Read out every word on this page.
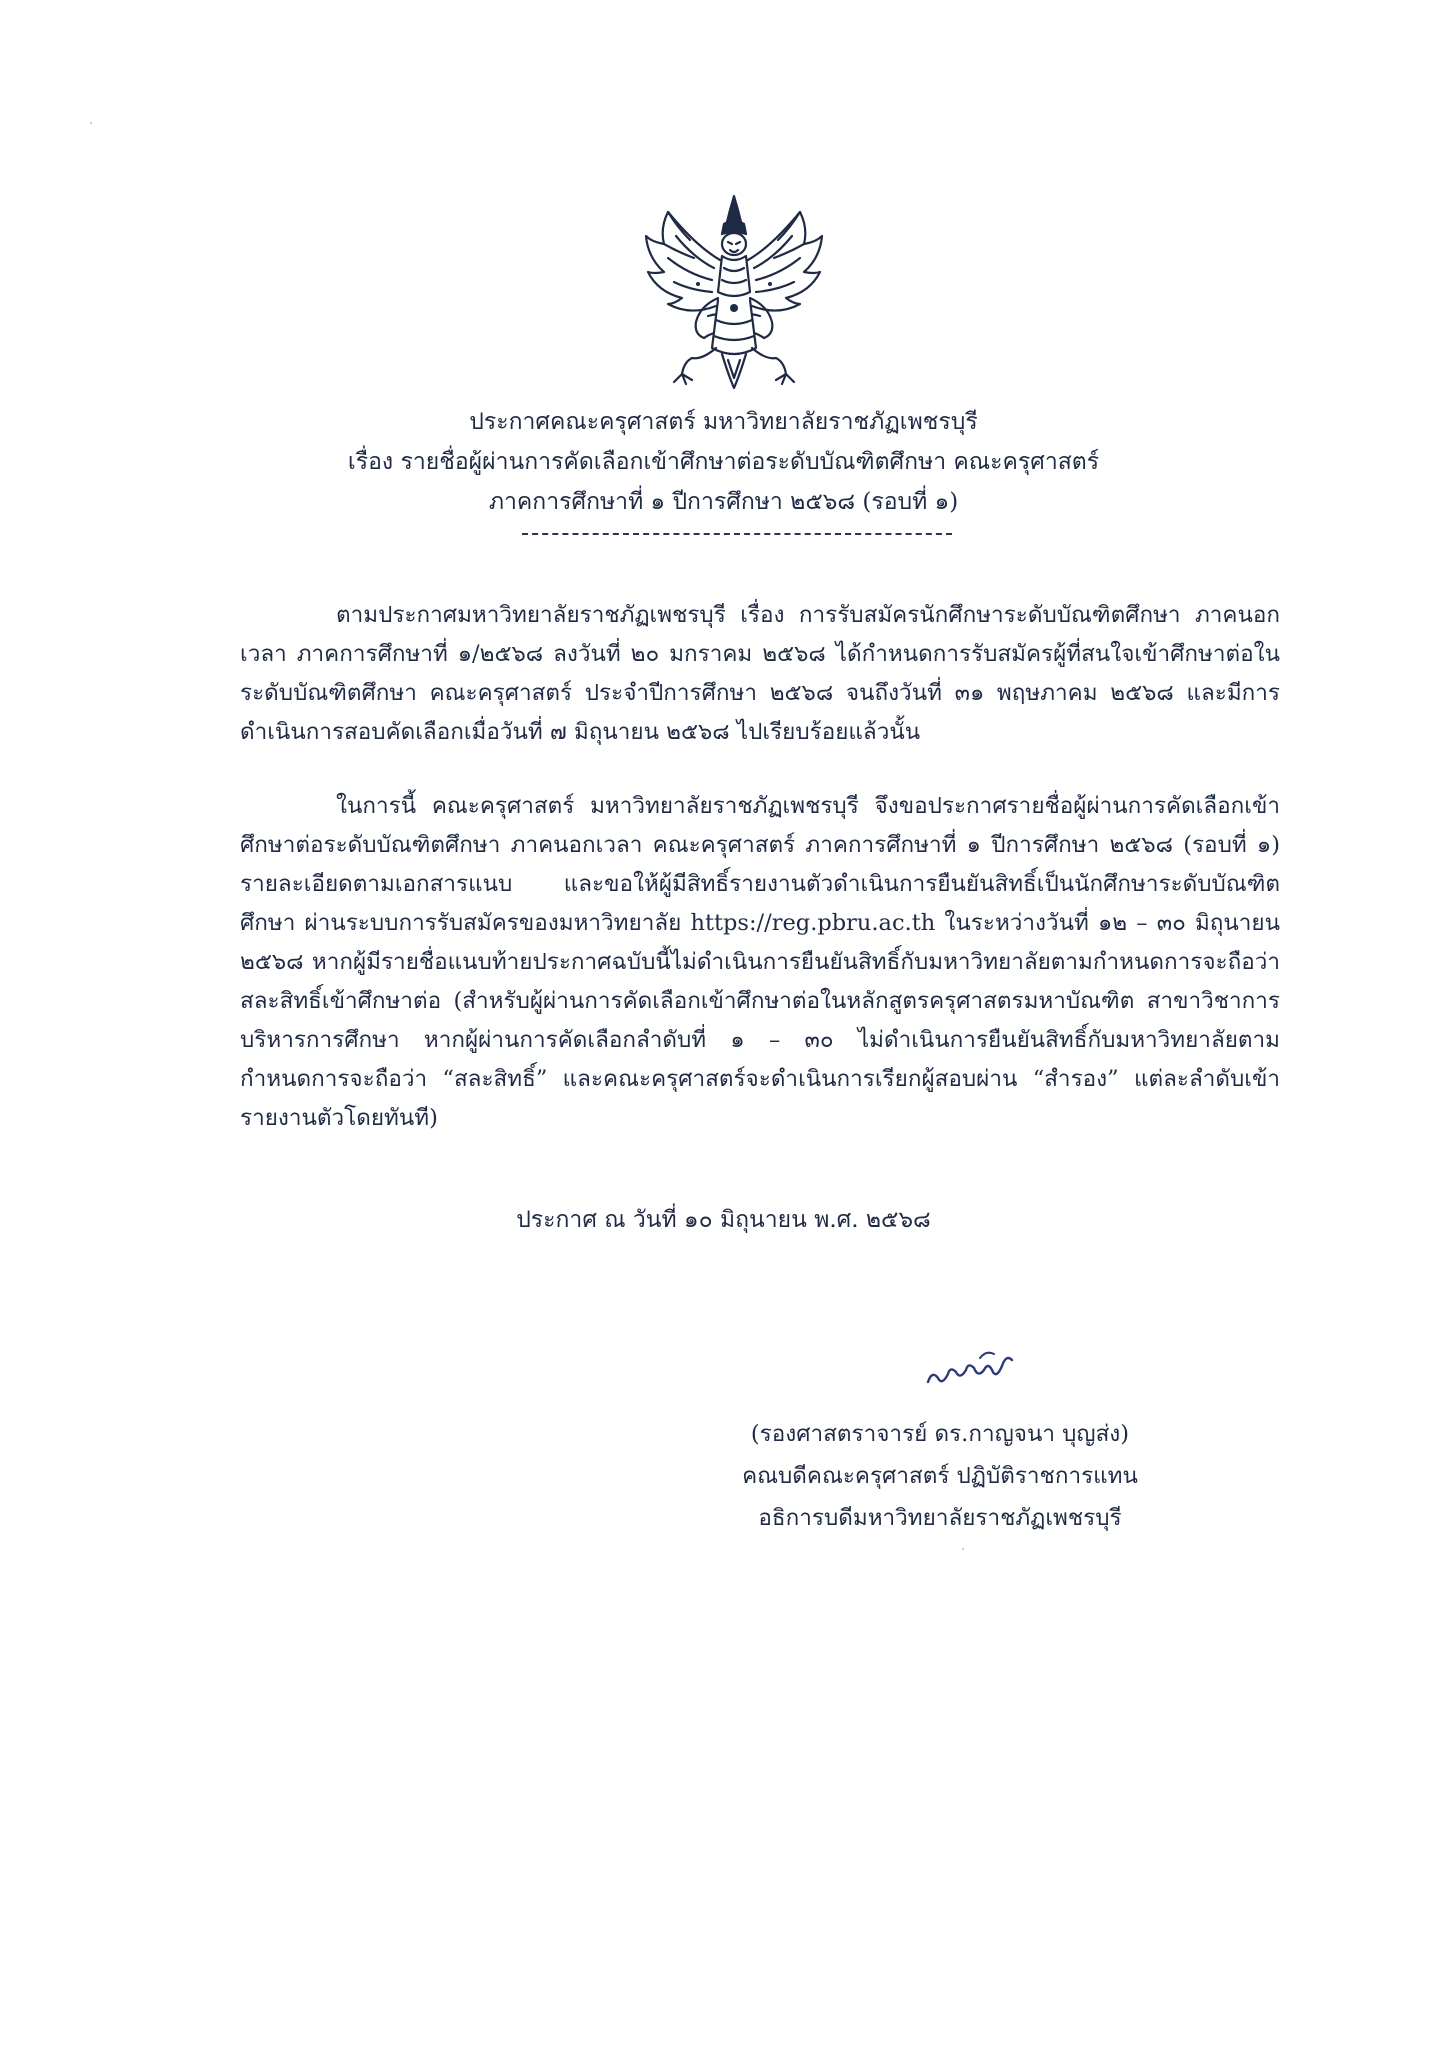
ประกาศคณะครุศาสตร์ มหาวิทยาลัยราชภัฏเพชรบุรี
เรื่อง รายชื่อผู้ผ่านการคัดเลือกเข้าศึกษาต่อระดับบัณฑิตศึกษา คณะครุศาสตร์
ภาคการศึกษาที่ ๑ ปีการศึกษา ๒๕๖๘ (รอบที่ ๑)

ตามประกาศมหาวิทยาลัยราชภัฏเพชรบุรี เรื่อง การรับสมัครนักศึกษาระดับบัณฑิตศึกษา ภาคนอกเวลา ภาคการศึกษาที่ ๑/๒๕๖๘ ลงวันที่ ๒๐ มกราคม ๒๕๖๘ ได้กำหนดการรับสมัครผู้ที่สนใจเข้าศึกษาต่อในระดับบัณฑิตศึกษา คณะครุศาสตร์ ประจำปีการศึกษา ๒๕๖๘ จนถึงวันที่ ๓๑ พฤษภาคม ๒๕๖๘ และมีการดำเนินการสอบคัดเลือกเมื่อวันที่ ๗ มิถุนายน ๒๕๖๘ ไปเรียบร้อยแล้วนั้น

ในการนี้ คณะครุศาสตร์ มหาวิทยาลัยราชภัฏเพชรบุรี จึงขอประกาศรายชื่อผู้ผ่านการคัดเลือกเข้าศึกษาต่อระดับบัณฑิตศึกษา ภาคนอกเวลา คณะครุศาสตร์ ภาคการศึกษาที่ ๑ ปีการศึกษา ๒๕๖๘ (รอบที่ ๑) รายละเอียดตามเอกสารแนบ และขอให้ผู้มีสิทธิ์รายงานตัวดำเนินการยืนยันสิทธิ์เป็นนักศึกษาระดับบัณฑิตศึกษา ผ่านระบบการรับสมัครของมหาวิทยาลัย https://reg.pbru.ac.th ในระหว่างวันที่ ๑๒ – ๓๐ มิถุนายน ๒๕๖๘ หากผู้มีรายชื่อแนบท้ายประกาศฉบับนี้ไม่ดำเนินการยืนยันสิทธิ์กับมหาวิทยาลัยตามกำหนดการจะถือว่าสละสิทธิ์เข้าศึกษาต่อ (สำหรับผู้ผ่านการคัดเลือกเข้าศึกษาต่อในหลักสูตรครุศาสตรมหาบัณฑิต สาขาวิชาการบริหารการศึกษา หากผู้ผ่านการคัดเลือกลำดับที่ ๑ – ๓๐ ไม่ดำเนินการยืนยันสิทธิ์กับมหาวิทยาลัยตามกำหนดการจะถือว่า “สละสิทธิ์” และคณะครุศาสตร์จะดำเนินการเรียกผู้สอบผ่าน “สำรอง” แต่ละลำดับเข้ารายงานตัวโดยทันที)

ประกาศ ณ วันที่ ๑๐ มิถุนายน พ.ศ. ๒๕๖๘
(รองศาสตราจารย์ ดร.กาญจนา บุญส่ง)
คณบดีคณะครุศาสตร์ ปฏิบัติราชการแทน
อธิการบดีมหาวิทยาลัยราชภัฏเพชรบุรี
